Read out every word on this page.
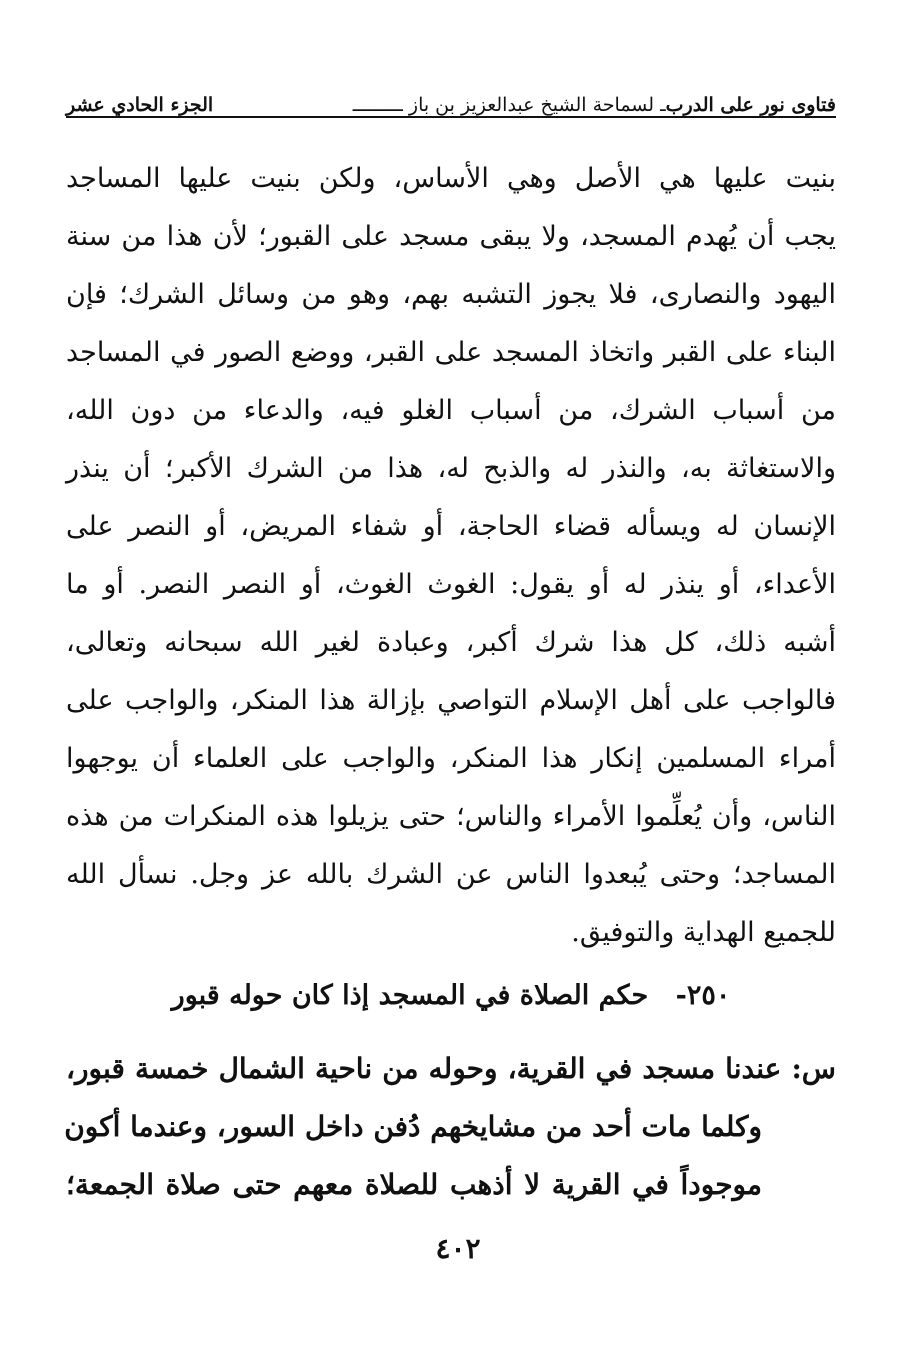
فتاوى نور على الدرب
ـ لسماحة الشيخ عبدالعزيز بن باز ـــــــــ
الجزء الحادي عشر
بنيت عليها هي الأصل وهي الأساس، ولكن بنيت عليها المساجد
يجب أن يُهدم المسجد، ولا يبقى مسجد على القبور؛ لأن هذا من سنة
اليهود والنصارى، فلا يجوز التشبه بهم، وهو من وسائل الشرك؛ فإن
البناء على القبر واتخاذ المسجد على القبر، ووضع الصور في المساجد
من أسباب الشرك، من أسباب الغلو فيه، والدعاء من دون الله،
والاستغاثة به، والنذر له والذبح له، هذا من الشرك الأكبر؛ أن ينذر
الإنسان له ويسأله قضاء الحاجة، أو شفاء المريض، أو النصر على
الأعداء، أو ينذر له أو يقول: الغوث الغوث، أو النصر النصر. أو ما
أشبه ذلك، كل هذا شرك أكبر، وعبادة لغير الله سبحانه وتعالى،
فالواجب على أهل الإسلام التواصي بإزالة هذا المنكر، والواجب على
أمراء المسلمين إنكار هذا المنكر، والواجب على العلماء أن يوجهوا
الناس، وأن يُعلِّموا الأمراء والناس؛ حتى يزيلوا هذه المنكرات من هذه
المساجد؛ وحتى يُبعدوا الناس عن الشرك بالله عز وجل. نسأل الله
للجميع الهداية والتوفيق.
٢٥٠- حكم الصلاة في المسجد إذا كان حوله قبور
س: عندنا مسجد في القرية، وحوله من ناحية الشمال خمسة قبور،
وكلما مات أحد من مشايخهم دُفن داخل السور، وعندما أكون
موجوداً في القرية لا أذهب للصلاة معهم حتى صلاة الجمعة؛
٤٠٢
